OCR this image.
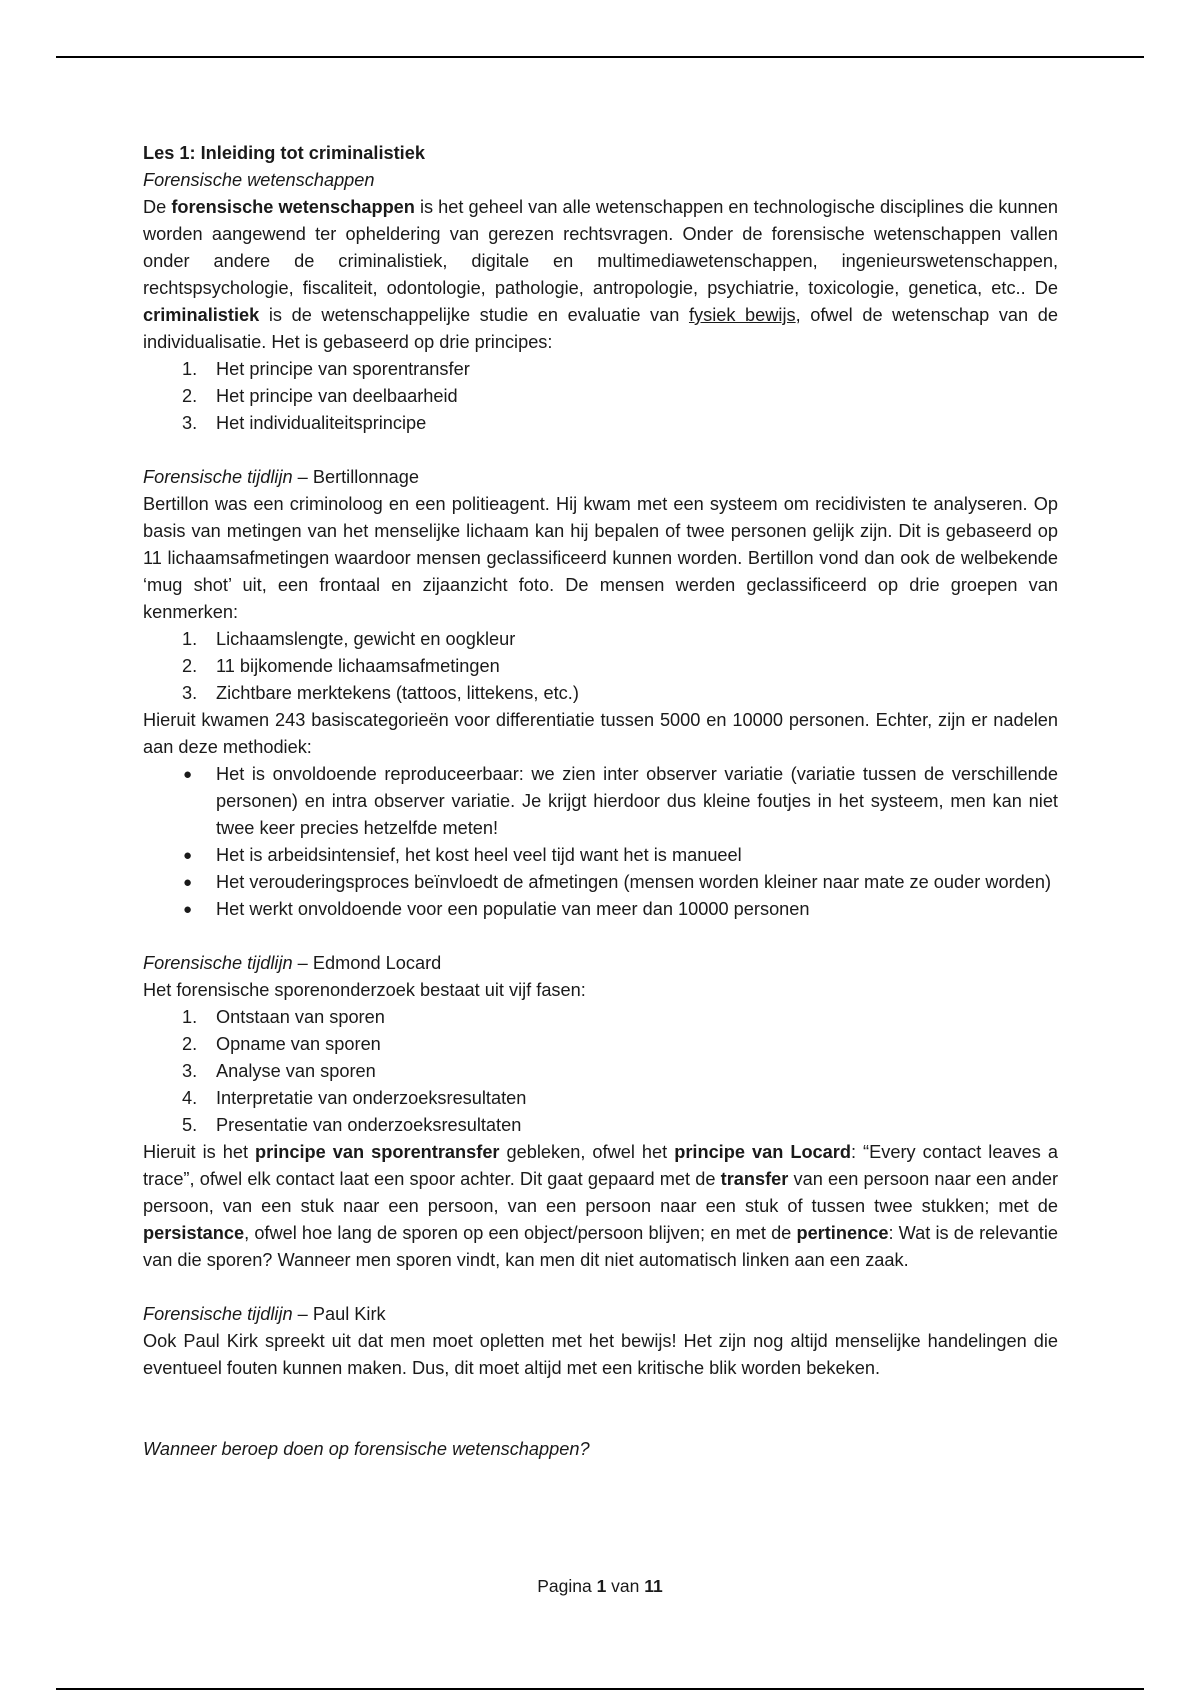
Les 1: Inleiding tot criminalistiek

Forensische wetenschappen

De forensische wetenschappen is het geheel van alle wetenschappen en technologische disciplines die kunnen worden aangewend ter opheldering van gerezen rechtsvragen. Onder de forensische wetenschappen vallen onder andere de criminalistiek, digitale en multimediawetenschappen, ingenieurswetenschappen, rechtspsychologie, fiscaliteit, odontologie, pathologie, antropologie, psychiatrie, toxicologie, genetica, etc.. De criminalistiek is de wetenschappelijke studie en evaluatie van fysiek bewijs, ofwel de wetenschap van de individualisatie. Het is gebaseerd op drie principes:

1. Het principe van sporentransfer
2. Het principe van deelbaarheid
3. Het individualiteitsprincipe

Forensische tijdlijn – Bertillonnage

Bertillon was een criminoloog en een politieagent. Hij kwam met een systeem om recidivisten te analyseren. Op basis van metingen van het menselijke lichaam kan hij bepalen of twee personen gelijk zijn. Dit is gebaseerd op 11 lichaamsafmetingen waardoor mensen geclassificeerd kunnen worden. Bertillon vond dan ook de welbekende ‘mug shot’ uit, een frontaal en zijaanzicht foto. De mensen werden geclassificeerd op drie groepen van kenmerken:

1. Lichaamslengte, gewicht en oogkleur
2. 11 bijkomende lichaamsafmetingen
3. Zichtbare merktekens (tattoos, littekens, etc.)

Hieruit kwamen 243 basiscategorieën voor differentiatie tussen 5000 en 10000 personen. Echter, zijn er nadelen aan deze methodiek:

● Het is onvoldoende reproduceerbaar: we zien inter observer variatie (variatie tussen de verschillende personen) en intra observer variatie. Je krijgt hierdoor dus kleine foutjes in het systeem, men kan niet twee keer precies hetzelfde meten!
● Het is arbeidsintensief, het kost heel veel tijd want het is manueel
● Het verouderingsproces beïnvloedt de afmetingen (mensen worden kleiner naar mate ze ouder worden)
● Het werkt onvoldoende voor een populatie van meer dan 10000 personen

Forensische tijdlijn – Edmond Locard

Het forensische sporenonderzoek bestaat uit vijf fasen:

1. Ontstaan van sporen
2. Opname van sporen
3. Analyse van sporen
4. Interpretatie van onderzoeksresultaten
5. Presentatie van onderzoeksresultaten

Hieruit is het principe van sporentransfer gebleken, ofwel het principe van Locard: “Every contact leaves a trace”, ofwel elk contact laat een spoor achter. Dit gaat gepaard met de transfer van een persoon naar een ander persoon, van een stuk naar een persoon, van een persoon naar een stuk of tussen twee stukken; met de persistance, ofwel hoe lang de sporen op een object/persoon blijven; en met de pertinence: Wat is de relevantie van die sporen? Wanneer men sporen vindt, kan men dit niet automatisch linken aan een zaak.

Forensische tijdlijn – Paul Kirk

Ook Paul Kirk spreekt uit dat men moet opletten met het bewijs! Het zijn nog altijd menselijke handelingen die eventueel fouten kunnen maken. Dus, dit moet altijd met een kritische blik worden bekeken.

Wanneer beroep doen op forensische wetenschappen?

Pagina 1 van 11
